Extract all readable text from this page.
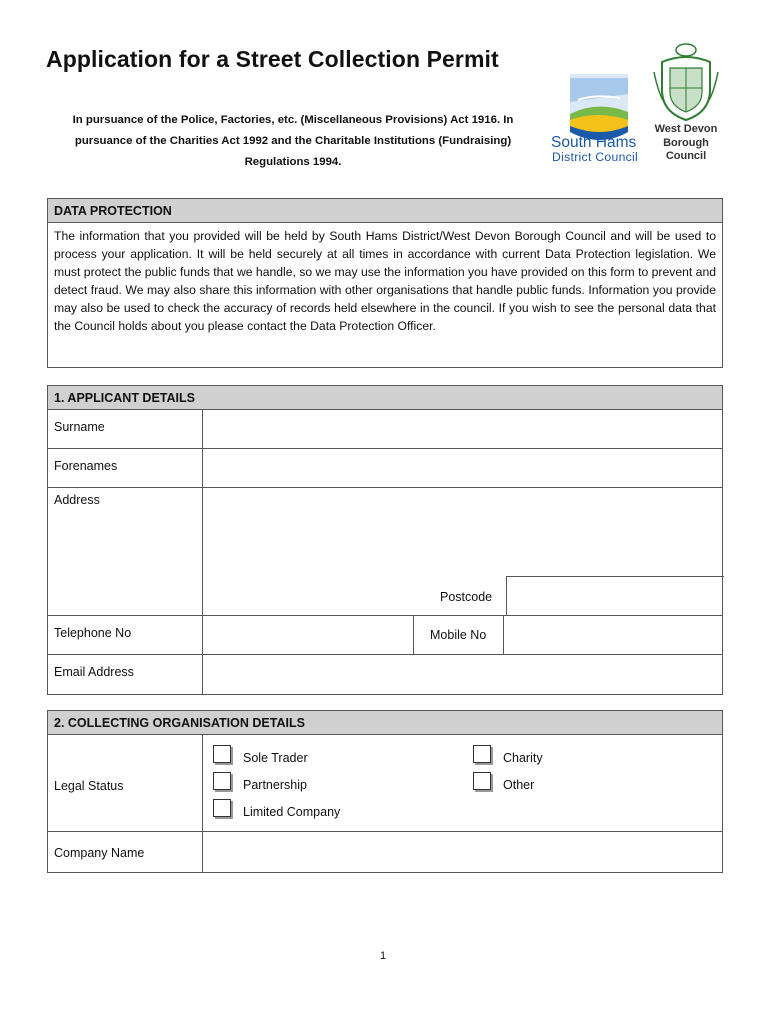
Application for a Street Collection Permit
In pursuance of the Police, Factories, etc. (Miscellaneous Provisions) Act 1916. In pursuance of the Charities Act 1992 and the Charitable Institutions (Fundraising) Regulations 1994.
South Hams
District Council
West Devon
Borough
Council
DATA PROTECTION
The information that you provided will be held by South Hams District/West Devon Borough Council and will be used to process your application. It will be held securely at all times in accordance with current Data Protection legislation. We must protect the public funds that we handle, so we may use the information you have provided on this form to prevent and detect fraud. We may also share this information with other organisations that handle public funds. Information you provide may also be used to check the accuracy of records held elsewhere in the council. If you wish to see the personal data that the Council holds about you please contact the Data Protection Officer.
1. APPLICANT DETAILS
Surname
Forenames
Address
Postcode
Telephone No	Mobile No
Email Address
2. COLLECTING ORGANISATION DETAILS
Legal Status
Sole Trader
Partnership
Limited Company
Charity
Other
Company Name
1
